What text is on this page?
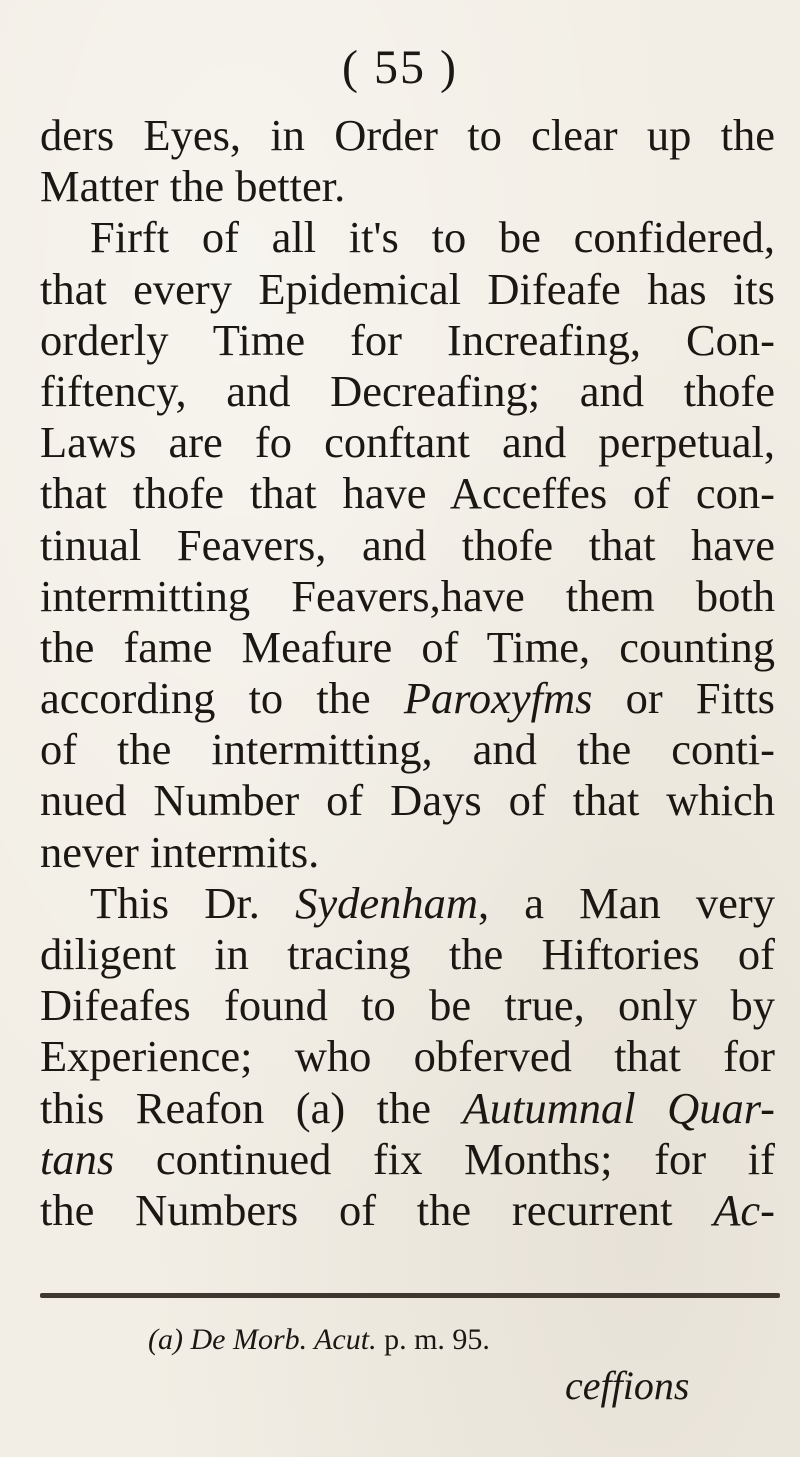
( 55 )
ders Eyes, in Order to clear up the
Matter the better.
Firft of all it's to be confidered,
that every Epidemical Difeafe has its
orderly Time for Increafing, Con-
fiftency, and Decreafing; and thofe
Laws are fo conftant and perpetual,
that thofe that have Acceffes of con-
tinual Feavers, and thofe that have
intermitting Feavers,have them both
the fame Meafure of Time, counting
according to the Paroxyfms or Fitts
of the intermitting, and the conti-
nued Number of Days of that which
never intermits.
This Dr. Sydenham, a Man very
diligent in tracing the Hiftories of
Difeafes found to be true, only by
Experience; who obferved that for
this Reafon (a) the Autumnal Quar-
tans continued fix Months; for if
the Numbers of the recurrent Ac-
(a) De Morb. Acut. p. m. 95.
ceffions
